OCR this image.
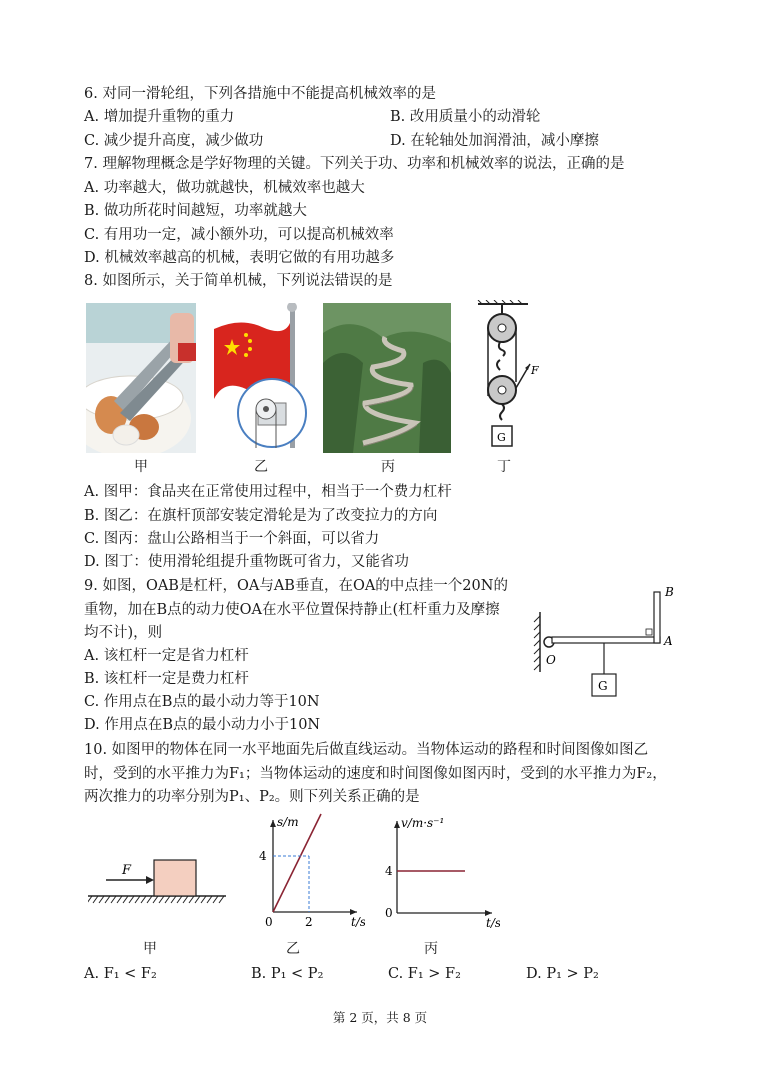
6. 对同一滑轮组，下列各措施中不能提高机械效率的是
A. 增加提升重物的重力	B. 改用质量小的动滑轮
C. 减少提升高度，减少做功	D. 在轮轴处加润滑油，减小摩擦
7. 理解物理概念是学好物理的关键。下列关于功、功率和机械效率的说法，正确的是
A. 功率越大，做功就越快，机械效率也越大
B. 做功所花时间越短，功率就越大
C. 有用功一定，减小额外功，可以提高机械效率
D. 机械效率越高的机械，表明它做的有用功越多
8. 如图所示，关于简单机械，下列说法错误的是
F
G
甲	乙	丙	丁
A. 图甲：食品夹在正常使用过程中，相当于一个费力杠杆
B. 图乙：在旗杆顶部安装定滑轮是为了改变拉力的方向
C. 图丙：盘山公路相当于一个斜面，可以省力
D. 图丁：使用滑轮组提升重物既可省力，又能省功
9. 如图，OAB是杠杆，OA与AB垂直，在OA的中点挂一个20N的
重物，加在B点的动力使OA在水平位置保持静止(杠杆重力及摩擦
均不计)，则
A. 该杠杆一定是省力杠杆
B. 该杠杆一定是费力杠杆
C. 作用点在B点的最小动力等于10N
D. 作用点在B点的最小动力小于10N
G
B
A
O
10. 如图甲的物体在同一水平地面先后做直线运动。当物体运动的路程和时间图像如图乙
时，受到的水平推力为F₁；当物体运动的速度和时间图像如图丙时，受到的水平推力为F₂，
两次推力的功率分别为P₁、P₂。则下列关系正确的是
F
t/s
s/m
4
0	2	t/s
v/m·s⁻¹
4
0
甲	乙	丙
A. F₁ < F₂	B. P₁ < P₂	C. F₁ > F₂	D. P₁ > P₂
第 2 页，共 8 页
